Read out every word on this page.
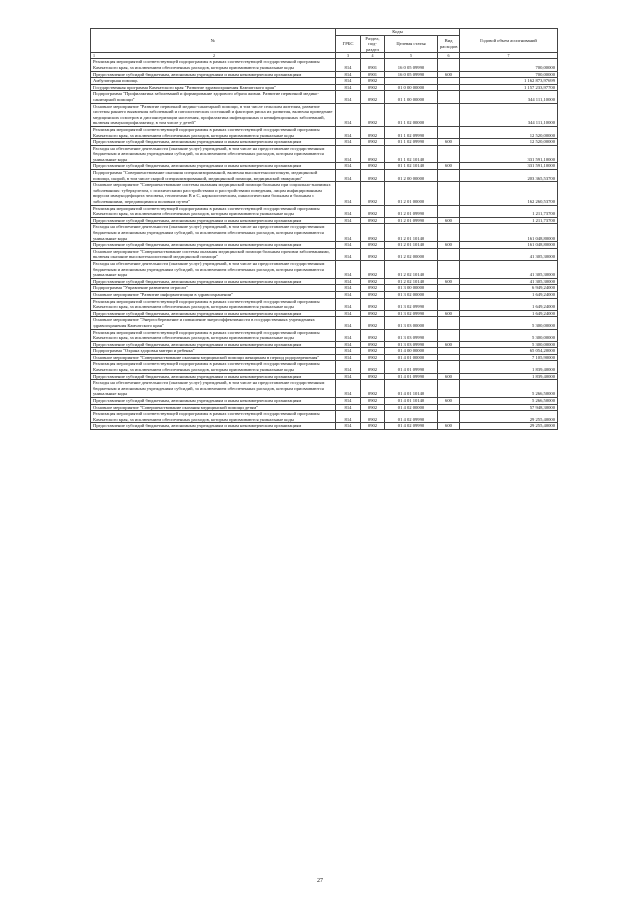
№	Коды				Годовой объем ассигнований
	ГРБС	Раздел, под-раздел	Целевая статья	Вид расходов	

1 2	3	4	5	6	7
Реализация мероприятий соответствующей подпрограммы в рамках соответствующей государственной программы Камчатского края, за исключением обеспеченных расходов, которым присваиваются уникальные коды	814	0901	16 0 05 09990		700,00000
Предоставление субсидий бюджетным, автономным учреждениям и иным некоммерческим организациям	814	0901	16 0 05 09990	600	700,00000
Амбулаторная помощь	814	0902			1 162 873,97699
Государственная программа Камчатского края "Развитие здравоохранения Камчатского края"	814	0902	01 0 00 00000		1 157 233,97700
Подпрограмма "Профилактика заболеваний и формирование здорового образа жизни. Развитие первичной медико-санитарной помощи"	814	0902	01 1 00 00000		344 111,10000
Основное мероприятие "Развитие первичной медико-санитарной помощи, в том числе сельским жителям, развитие системы раннего выявления заболеваний и патологических состояний и факторов риска их развития, включая проведение медицинских осмотров и диспансеризации населения, профилактика инфекционных и неинфекционных заболеваний, включая иммунопрофилактику, в том числе у детей"	814	0902	01 1 02 00000		344 111,10000
Реализация мероприятий соответствующей подпрограммы в рамках соответствующей государственной программы Камчатского края, за исключением обеспеченных расходов, которым присваиваются уникальные коды	814	0902	01 1 02 09990		12 520,00000
Предоставление субсидий бюджетным, автономным учреждениям и иным некоммерческим организациям	814	0902	01 1 02 09990	600	12 520,00000
Расходы на обеспечение деятельности (оказание услуг) учреждений, в том числе на предоставление государственным бюджетным и автономным учреждениям субсидий, за исключением обеспеченных расходов, которым присваиваются уникальные коды	814	0902	01 1 02 10140		331 591,10000
Предоставление субсидий бюджетным, автономным учреждениям и иным некоммерческим организациям	814	0902	01 1 02 10140	600	331 591,10000
Подпрограмма "Совершенствование оказания специализированной, включая высокотехнологичную, медицинской помощи, скорой, в том числе скорой специализированной, медицинской помощи, медицинской эвакуации"	814	0902	01 2 00 00000		203 365,53700
Основное мероприятие "Совершенствование системы оказания медицинской помощи больным при социально-значимых заболеваниях: туберкулезом, с психическими расстройствами и расстройствами поведения, лицам инфицированным вирусом иммунодефицита человека, гепатитами В и С, наркологическим, онкологическим больным и больным с заболеваниями, передающимися половым путем"	814	0902	01 2 01 00000		162 260,53700
Реализация мероприятий соответствующей подпрограммы в рамках соответствующей государственной программы Камчатского края, за исключением обеспеченных расходов, которым присваиваются уникальные коды	814	0902	01 2 01 09990		1 211,73700
Предоставление субсидий бюджетным, автономным учреждениям и иным некоммерческим организациям	814	0902	01 2 01 09990	600	1 211,73700
Расходы на обеспечение деятельности (оказание услуг) учреждений, в том числе на предоставление государственным бюджетным и автономным учреждениям субсидий, за исключением обеспеченных расходов, которым присваиваются уникальные коды	814	0902	01 2 01 10140		161 048,80000
Предоставление субсидий бюджетным, автономным учреждениям и иным некоммерческим организациям	814	0902	01 2 01 10140	600	161 048,80000
Основное мероприятие "Совершенствование системы оказания медицинской помощи больным прочими заболеваниями, включая оказание высокотехнологичной медицинской помощи"	814	0902	01 2 02 00000		41 305,30000
Расходы на обеспечение деятельности (оказание услуг) учреждений, в том числе на предоставление государственным бюджетным и автономным учреждениям субсидий, за исключением обеспеченных расходов, которым присваиваются уникальные коды	814	0902	01 2 02 10140		41 305,30000
Предоставление субсидий бюджетным, автономным учреждениям и иным некоммерческим организациям	814	0902	01 2 02 10140	600	41 305,30000
Подпрограмма "Управление развитием отрасли"	814	0902	01 3 00 00000		6 949,24000
Основное мероприятие "Развитие информатизации в здравоохранении"	814	0902	01 3 02 00000		1 649,24000
Реализация мероприятий соответствующей подпрограммы в рамках соответствующей государственной программы Камчатского края, за исключением обеспеченных расходов, которым присваиваются уникальные коды	814	0902	01 3 02 09990		1 649,24000
Предоставление субсидий бюджетным, автономным учреждениям и иным некоммерческим организациям	814	0902	01 3 02 09990	600	1 649,24000
Основное мероприятие "Энергосбережение и повышение энергоэффективности в государственных учреждениях здравоохранения Камчатского края"	814	0902	01 3 03 00000		5 300,00000
Реализация мероприятий соответствующей подпрограммы в рамках соответствующей государственной программы Камчатского края, за исключением обеспеченных расходов, которым присваиваются уникальные коды	814	0902	01 3 03 09990		5 300,00000
Предоставление субсидий бюджетным, автономным учреждениям и иным некоммерческим организациям	814	0902	01 3 03 09990	600	5 300,00000
Подпрограмма "Охрана здоровья матери и ребенка"	814	0902	01 4 00 00000		65 054,20000
Основное мероприятие "Совершенствование оказания медицинской помощи женщинам в период родоразрешения"	814	0902	01 4 01 00000		7 105,90000
Реализация мероприятий соответствующей подпрограммы в рамках соответствующей государственной программы Камчатского края, за исключением обеспеченных расходов, которым присваиваются уникальные коды	814	0902	01 4 01 09990		1 839,40000
Предоставление субсидий бюджетным, автономным учреждениям и иным некоммерческим организациям	814	0902	01 4 01 09990	600	1 839,40000
Расходы на обеспечение деятельности (оказание услуг) учреждений, в том числе на предоставление государственным бюджетным и автономным учреждениям субсидий, за исключением обеспеченных расходов, которым присваиваются уникальные коды	814	0902	01 4 01 10140		5 266,50000
Предоставление субсидий бюджетным, автономным учреждениям и иным некоммерческим организациям	814	0902	01 4 01 10140	600	5 266,50000
Основное мероприятие "Совершенствование оказания медицинской помощи детям"	814	0902	01 4 02 00000		57 948,30000
Реализация мероприятий соответствующей подпрограммы в рамках соответствующей государственной программы Камчатского края, за исключением обеспеченных расходов, которым присваиваются уникальные коды	814	0902	01 4 02 09990		29 255,40000
Предоставление субсидий бюджетным, автономным учреждениям и иным некоммерческим организациям	814	0902	01 4 02 09990	600	29 255,40000
27
